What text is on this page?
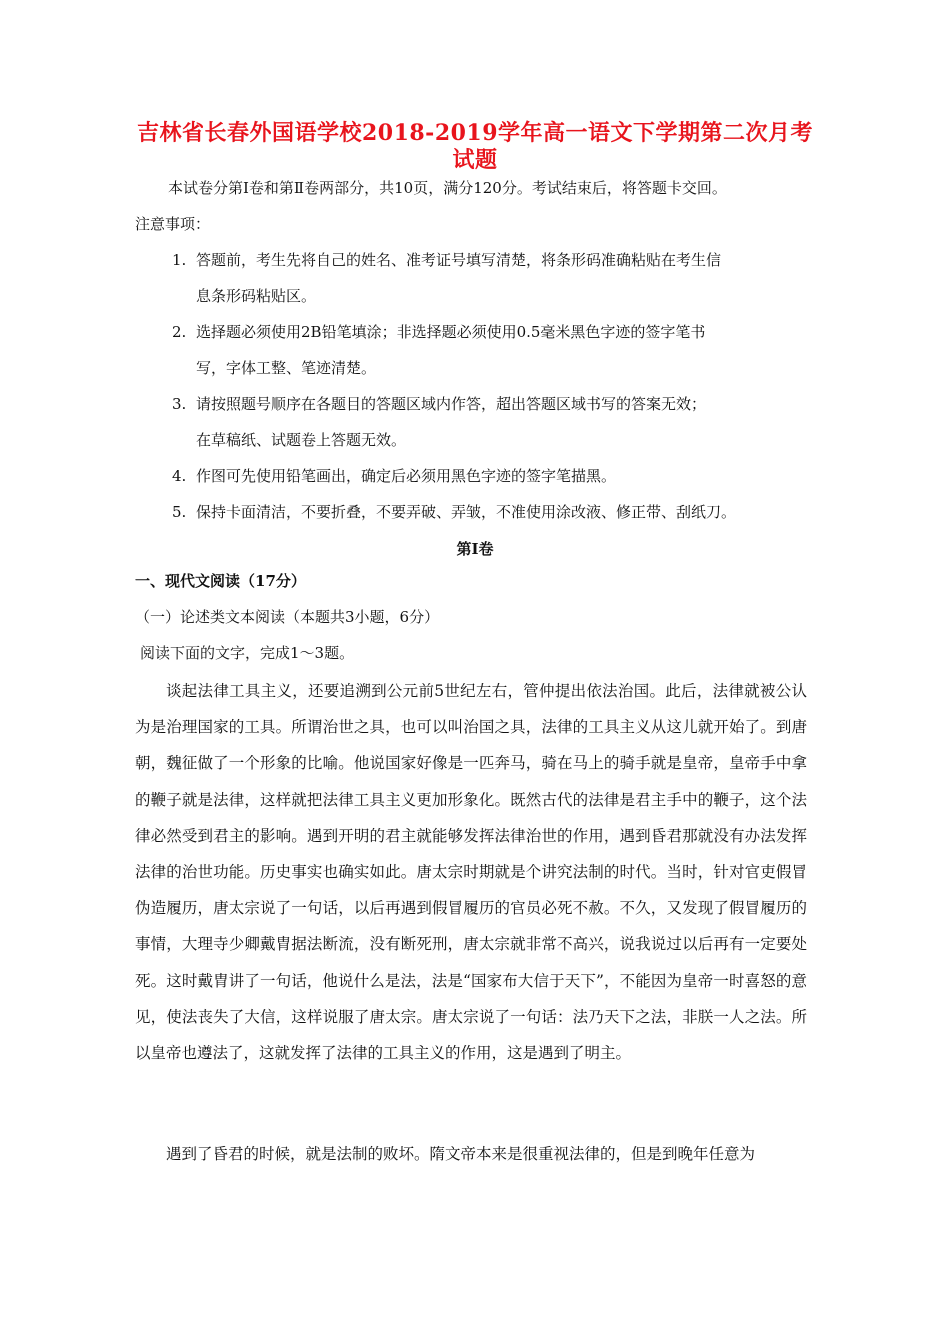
吉林省长春外国语学校2018-2019学年高一语文下学期第二次月考试题
本试卷分第Ⅰ卷和第Ⅱ卷两部分，共10页，满分120分。考试结束后，将答题卡交回。
注意事项：
1. 答题前，考生先将自己的姓名、准考证号填写清楚，将条形码准确粘贴在考生信
息条形码粘贴区。
2. 选择题必须使用2B铅笔填涂；非选择题必须使用0.5毫米黑色字迹的签字笔书
写，字体工整、笔迹清楚。
3. 请按照题号顺序在各题目的答题区域内作答，超出答题区域书写的答案无效；
在草稿纸、试题卷上答题无效。
4. 作图可先使用铅笔画出，确定后必须用黑色字迹的签字笔描黑。
5. 保持卡面清洁，不要折叠，不要弄破、弄皱，不准使用涂改液、修正带、刮纸刀。
第Ⅰ卷
一、现代文阅读（17分）
（一）论述类文本阅读（本题共3小题，6分）
阅读下面的文字，完成1～3题。
谈起法律工具主义，还要追溯到公元前5世纪左右，管仲提出依法治国。此后，法律就被公认为是治理国家的工具。所谓治世之具，也可以叫治国之具，法律的工具主义从这儿就开始了。到唐朝，魏征做了一个形象的比喻。他说国家好像是一匹奔马，骑在马上的骑手就是皇帝，皇帝手中拿的鞭子就是法律，这样就把法律工具主义更加形象化。既然古代的法律是君主手中的鞭子，这个法律必然受到君主的影响。遇到开明的君主就能够发挥法律治世的作用，遇到昏君那就没有办法发挥法律的治世功能。历史事实也确实如此。唐太宗时期就是个讲究法制的时代。当时，针对官吏假冒伪造履历，唐太宗说了一句话，以后再遇到假冒履历的官员必死不赦。不久，又发现了假冒履历的事情，大理寺少卿戴胄据法断流，没有断死刑，唐太宗就非常不高兴，说我说过以后再有一定要处死。这时戴胄讲了一句话，他说什么是法，法是“国家布大信于天下”，不能因为皇帝一时喜怒的意见，使法丧失了大信，这样说服了唐太宗。唐太宗说了一句话：法乃天下之法，非朕一人之法。所以皇帝也遵法了，这就发挥了法律的工具主义的作用，这是遇到了明主。
遇到了昏君的时候，就是法制的败坏。隋文帝本来是很重视法律的，但是到晚年任意为
